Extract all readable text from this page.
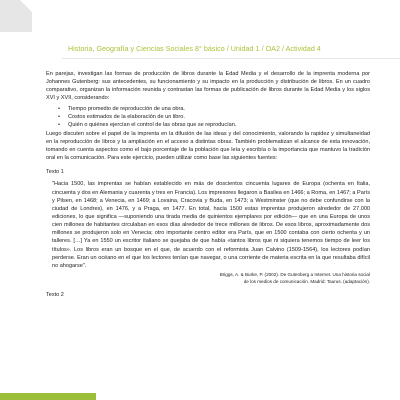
Historia, Geografía y Ciencias Sociales 8° básico / Unidad 1 / OA2 / Actividad 4

En parejas, investigan las formas de producción de libros durante la Edad Media y el desarrollo de la imprenta moderna por Johannes Gutenberg: sus antecedentes, su funcionamiento y su impacto en la producción y distribución de libros. En un cuadro comparativo, organizan la información reunida y contrastan las formas de publicación de libros durante la Edad Media y los siglos XVI y XVII, considerando:

• Tiempo promedio de reproducción de una obra.
• Costos estimados de la elaboración de un libro.
• Quién o quiénes ejercían el control de las obras que se reproducían.

Luego discuten sobre el papel de la imprenta en la difusión de las ideas y del conocimiento, valorando la rapidez y simultaneidad en la reproducción de libros y la ampliación en el acceso a distintas obras. También problematizan el alcance de esta innovación, tomando en cuenta aspectos como el bajo porcentaje de la población que leía y escribía o la importancia que mantuvo la tradición oral en la comunicación. Para este ejercicio, pueden utilizar como base las siguientes fuentes:

Texto 1
"Hacia 1500, las imprentas se habían establecido en más de doscientos cincuenta lugares de Europa (ochenta en Italia, cincuenta y dos en Alemania y cuarenta y tres en Francia). Los impresores llegaron a Basilea en 1466; a Roma, en 1467; a París y Pilsen, en 1468; a Venecia, en 1469; a Lovaina, Cracovia y Buda, en 1473; a Westminster (que no debe confundirse con la ciudad de Londres), en 1476, y a Praga, en 1477. En total, hacia 1500 estas imprentas produjeron alrededor de 27.000 ediciones, lo que significa —suponiendo una tirada media de quinientos ejemplares por edición— que en una Europa de unos cien millones de habitantes circulaban en esos días alrededor de trece millones de libros. De esos libros, aproximadamente dos millones se produjeron solo en Venecia; otro importante centro editor era París, que en 1500 contaba con cierto ochenta y un talleres. […] Ya en 1550 un escritor italiano se quejaba de que había «tantos libros que ni siquiera tenemos tiempo de leer los títulos». Los libros eran un bosque en el que, de acuerdo con el reformista Juan Calvino (1509-1564), los lectores podían perderse. Eran un océano en el que los lectores tenían que navegar, o una corriente de materia escrita en la que resultaba difícil no ahogarse".
Briggs, A. & Burke, P. (2002). De Gutenberg a Internet. Una historia social
de los medios de comunicación. Madrid: Taurus. (adaptación).
Texto 2
